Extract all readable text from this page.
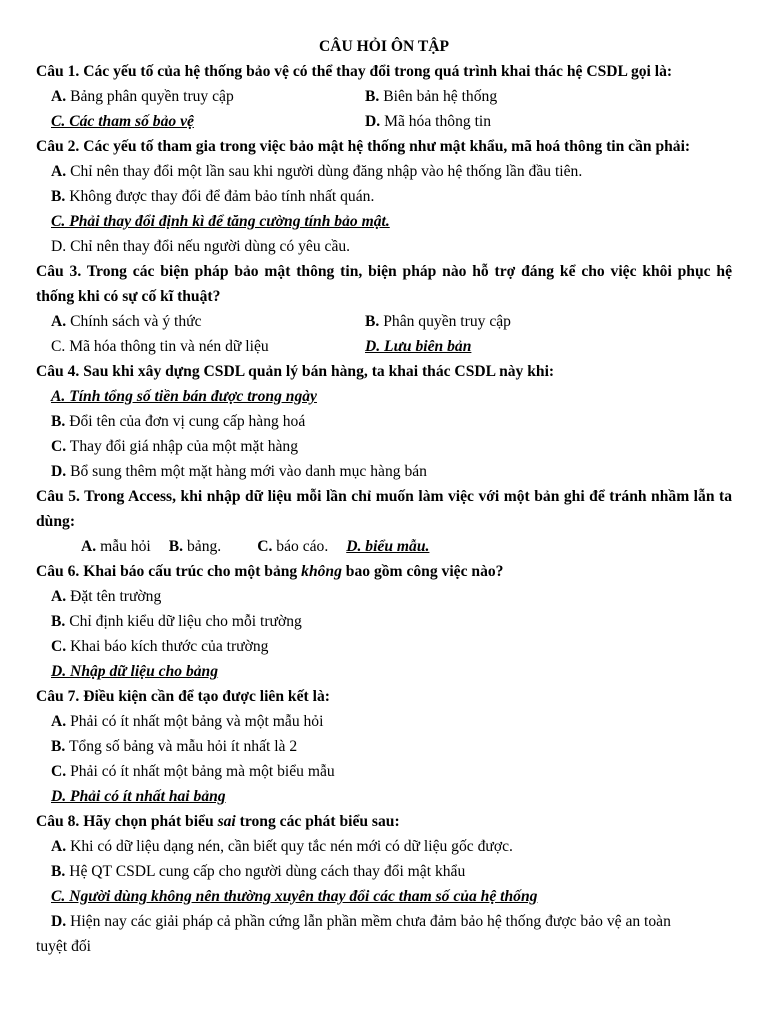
CÂU HỎI ÔN TẬP
Câu 1. Các yếu tố của hệ thống bảo vệ có thể thay đổi trong quá trình khai thác hệ CSDL gọi là:
A. Bảng phân quyền truy cập	B. Biên bản hệ thống
C. Các tham số bảo vệ	D. Mã hóa thông tin
Câu 2. Các yếu tố tham gia trong việc bảo mật hệ thống như mật khẩu, mã hoá thông tin cần phải:
A. Chỉ nên thay đổi một lần sau khi người dùng đăng nhập vào hệ thống lần đầu tiên.
B. Không được thay đổi để đảm bảo tính nhất quán.
C. Phải thay đổi định kì để tăng cường tính bảo mật.
D. Chỉ nên thay đổi nếu người dùng có yêu cầu.
Câu 3. Trong các biện pháp bảo mật thông tin, biện pháp nào hỗ trợ đáng kể cho việc khôi phục hệ thống khi có sự cố kĩ thuật?
A. Chính sách và ý thức	B. Phân quyền truy cập
C. Mã hóa thông tin và nén dữ liệu	D. Lưu biên bản
Câu 4. Sau khi xây dựng CSDL quản lý bán hàng, ta khai thác CSDL này khi:
A. Tính tổng số tiền bán được trong ngày
B. Đổi tên của đơn vị cung cấp hàng hoá
C. Thay đổi giá nhập của một mặt hàng
D. Bổ sung thêm một mặt hàng mới vào danh mục hàng bán
Câu 5. Trong Access, khi nhập dữ liệu mỗi lần chỉ muốn làm việc với một bản ghi để tránh nhầm lẫn ta dùng:
A. mẫu hỏi B. bảng. C. báo cáo. D. biểu mẫu.
Câu 6. Khai báo cấu trúc cho một bảng không bao gồm công việc nào?
A. Đặt tên trường
B. Chỉ định kiểu dữ liệu cho mỗi trường
C. Khai báo kích thước của trường
D. Nhập dữ liệu cho bảng
Câu 7. Điều kiện cần để tạo được liên kết là:
A. Phải có ít nhất một bảng và một mẫu hỏi
B. Tổng số bảng và mẫu hỏi ít nhất là 2
C. Phải có ít nhất một bảng mà một biểu mẫu
D. Phải có ít nhất hai bảng
Câu 8. Hãy chọn phát biểu sai trong các phát biểu sau:
A. Khi có dữ liệu dạng nén, cần biết quy tắc nén mới có dữ liệu gốc được.
B. Hệ QT CSDL cung cấp cho người dùng cách thay đổi mật khẩu
C. Người dùng không nên thường xuyên thay đổi các tham số của hệ thống
D. Hiện nay các giải pháp cả phần cứng lẫn phần mềm chưa đảm bảo hệ thống được bảo vệ an toàn
tuyệt đối
